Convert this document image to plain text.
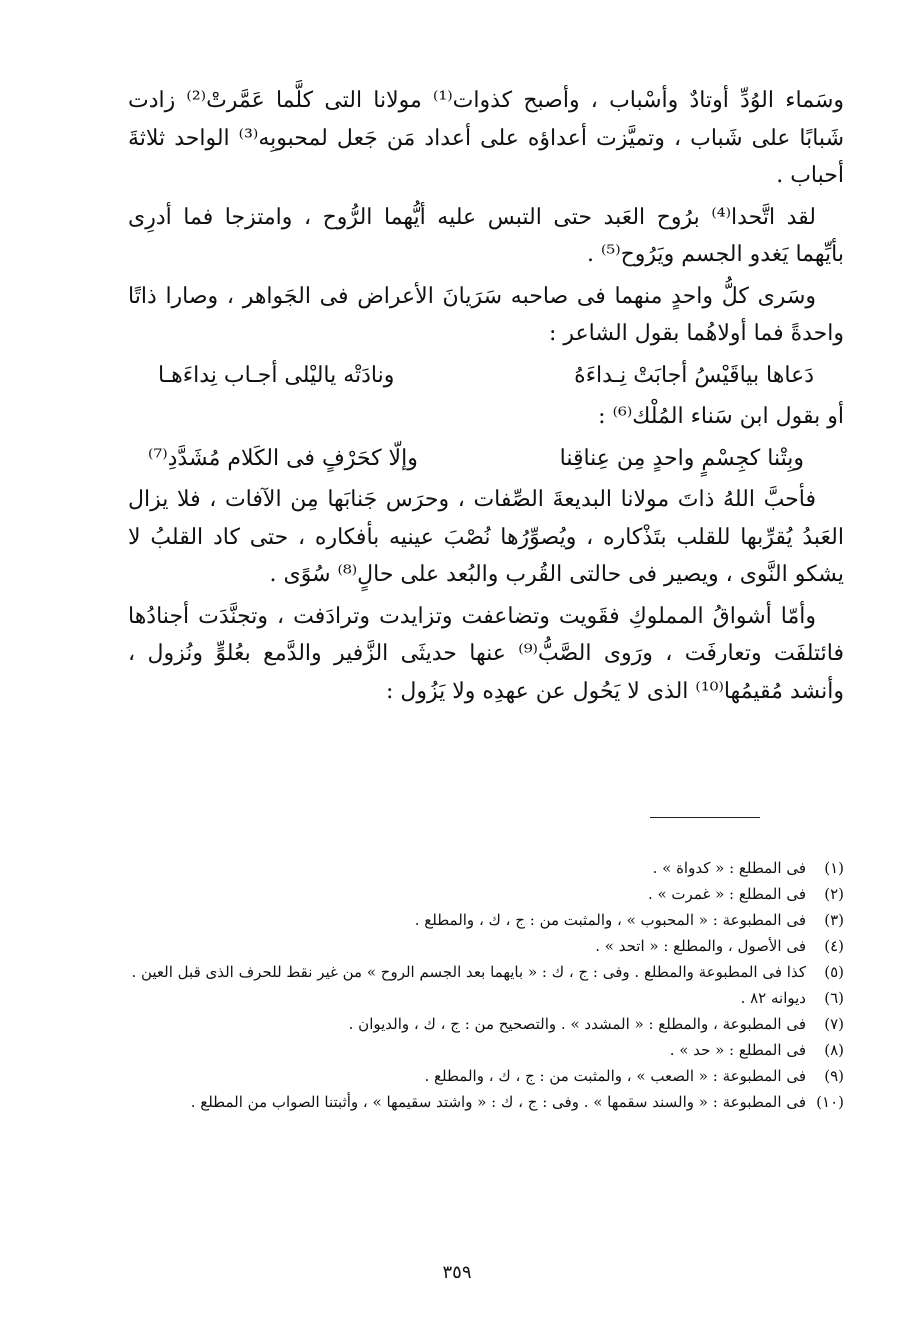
وسَماء الوُدِّ أوتادٌ وأسْباب ، وأصبح كذوات⁽¹⁾ مولانا التى كلَّما عَمَّرتْ⁽²⁾ زادت شَبابًا على شَباب ، وتميَّزت أعداؤه على أعداد مَن جَعل لمحبوبِه⁽³⁾ الواحد ثلاثةَ أحباب .

لقد اتَّحدا⁽⁴⁾ برُوح العَبد حتى التبس عليه أيُّهما الرُّوح ، وامتزجا فما أدرِى بأيِّهما يَغدو الجسم ويَرُوح⁽⁵⁾ .

وسَرى كلُّ واحدٍ منهما فى صاحبه سَرَيانَ الأعراض فى الجَواهر ، وصارا ذاتًا واحدةً فما أولاهُما بقول الشاعر :

دَعاها بياقَيْسُ أجابَتْ نِـداءَهُ
ونادَتْه ياليْلى أجـاب نِداءَهـا

أو بقول ابن سَناء المُلْك⁽⁶⁾ :

وبِتْنا كجِسْمٍ واحدٍ مِن عِناقِنا
وإلّا كحَرْفٍ فى الكَلام مُشَدَّدِ⁽⁷⁾

فأحبَّ اللهُ ذاتَ مولانا البديعةَ الصِّفات ، وحرَس جَنابَها مِن الآفات ، فلا يزال العَبدُ يُقرِّبها للقلب بتَذْكاره ، ويُصوِّرُها نُصْبَ عينيه بأفكاره ، حتى كاد القلبُ لا يشكو النَّوى ، ويصير فى حالتى القُرب والبُعد على حالٍ⁽⁸⁾ سُوًى .

وأمّا أشواقُ المملوكِ فقَويت وتضاعفت وتزايدت وترادَفت ، وتجنَّدَت أجنادُها فائتلفَت وتعارفَت ، ورَوى الصَّبُّ⁽⁹⁾ عنها حديثَى الزَّفير والدَّمع بعُلوٍّ ونُزول ، وأنشد مُقيمُها⁽¹⁰⁾ الذى لا يَحُول عن عهدِه ولا يَزُول :

(١)
فى المطلع : « كدواة » .
(٢)
فى المطلع : « غمرت » .
(٣)
فى المطبوعة : « المحبوب » ، والمثبت من : ج ، ك ، والمطلع .
(٤)
فى الأصول ، والمطلع : « اتحد » .
(٥)
كذا فى المطبوعة والمطلع . وفى : ج ، ك : « بايهما بعد الجسم الروح » من غير نقط للحرف الذى قبل العين .
(٦)
ديوانه ٨٢ .
(٧)
فى المطبوعة ، والمطلع : « المشدد » . والتصحيح من : ج ، ك ، والديوان .
(٨)
فى المطلع : « حد » .
(٩)
فى المطبوعة : « الصعب » ، والمثبت من : ج ، ك ، والمطلع .
(١٠)
فى المطبوعة : « والسند سقمها » . وفى : ج ، ك : « واشتد سقيمها » ، وأثبتنا الصواب من المطلع .
٣٥٩
